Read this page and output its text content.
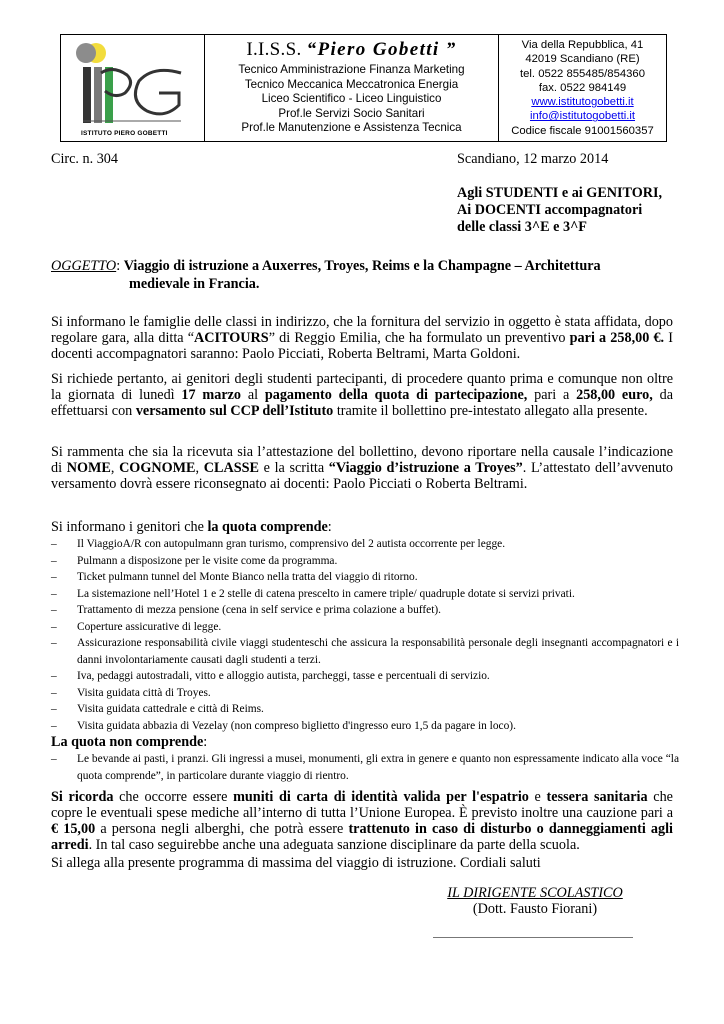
ISTITUTO PIERO GOBETTI
I.I.S.S. “Piero Gobetti ”
Tecnico Amministrazione Finanza Marketing
Tecnico Meccanica Meccatronica Energia
Liceo Scientifico - Liceo Linguistico
Prof.le Servizi Socio Sanitari
Prof.le Manutenzione e Assistenza Tecnica
Via della Repubblica, 41
42019 Scandiano (RE)
tel. 0522 855485/854360
fax. 0522 984149
www.istitutogobetti.it
info@istitutogobetti.it
Codice fiscale 91001560357
Circ. n. 304	Scandiano, 12 marzo 2014
Agli STUDENTI e ai GENITORI,
Ai DOCENTI accompagnatori
delle classi 3^E e 3^F
OGGETTO: Viaggio di istruzione a Auxerres, Troyes, Reims e la Champagne – Architettura
medievale in Francia.
Si informano le famiglie delle classi in indirizzo, che la fornitura del servizio in oggetto è stata affidata, dopo regolare gara, alla ditta “ACITOURS” di Reggio Emilia, che ha formulato un preventivo pari a 258,00 €. I docenti accompagnatori saranno: Paolo Picciati, Roberta Beltrami, Marta Goldoni.
Si richiede pertanto, ai genitori degli studenti partecipanti, di procedere quanto prima e comunque non oltre la giornata di lunedì 17 marzo al pagamento della quota di partecipazione, pari a 258,00 euro, da effettuarsi con versamento sul CCP dell’Istituto tramite il bollettino pre-intestato allegato alla presente.
Si rammenta che sia la ricevuta sia l’attestazione del bollettino, devono riportare nella causale l’indicazione di NOME, COGNOME, CLASSE e la scritta “Viaggio d’istruzione a Troyes”. L’attestato dell’avvenuto versamento dovrà essere riconsegnato ai docenti: Paolo Picciati o Roberta Beltrami.
Si informano i genitori che la quota comprende:
–	Il ViaggioA/R con autopulmann gran turismo, comprensivo del 2 autista occorrente per legge.
–	Pulmann a disposizone per le visite come da programma.
–	Ticket pulmann tunnel del Monte Bianco nella tratta del viaggio di ritorno.
–	La sistemazione nell’Hotel 1 e 2 stelle di catena prescelto in camere triple/ quadruple dotate si servizi privati.
–	Trattamento di mezza pensione (cena in self service e prima colazione a buffet).
–	Coperture assicurative di legge.
–	Assicurazione responsabilità civile viaggi studenteschi che assicura la responsabilità personale degli insegnanti accompagnatori e i danni involontariamente causati dagli studenti a terzi.
–	Iva, pedaggi autostradali, vitto e alloggio autista, parcheggi, tasse e percentuali di servizio.
–	Visita guidata città di Troyes.
–	Visita guidata cattedrale e città di Reims.
–	Visita guidata abbazia di Vezelay (non compreso biglietto d'ingresso euro 1,5 da pagare in loco).
La quota non comprende:
–	Le bevande ai pasti, i pranzi. Gli ingressi a musei, monumenti, gli extra in genere e quanto non espressamente indicato alla voce “la quota comprende”, in particolare durante viaggio di rientro.
Si ricorda che occorre essere muniti di carta di identità valida per l'espatrio e tessera sanitaria che copre le eventuali spese mediche all’interno di tutta l’Unione Europea. È previsto inoltre una cauzione pari a € 15,00 a persona negli alberghi, che potrà essere trattenuto in caso di disturbo o danneggiamenti agli arredi. In tal caso seguirebbe anche una adeguata sanzione disciplinare da parte della scuola.
Si allega alla presente programma di massima del viaggio di istruzione. Cordiali saluti
IL DIRIGENTE SCOLASTICO
(Dott. Fausto Fiorani)
